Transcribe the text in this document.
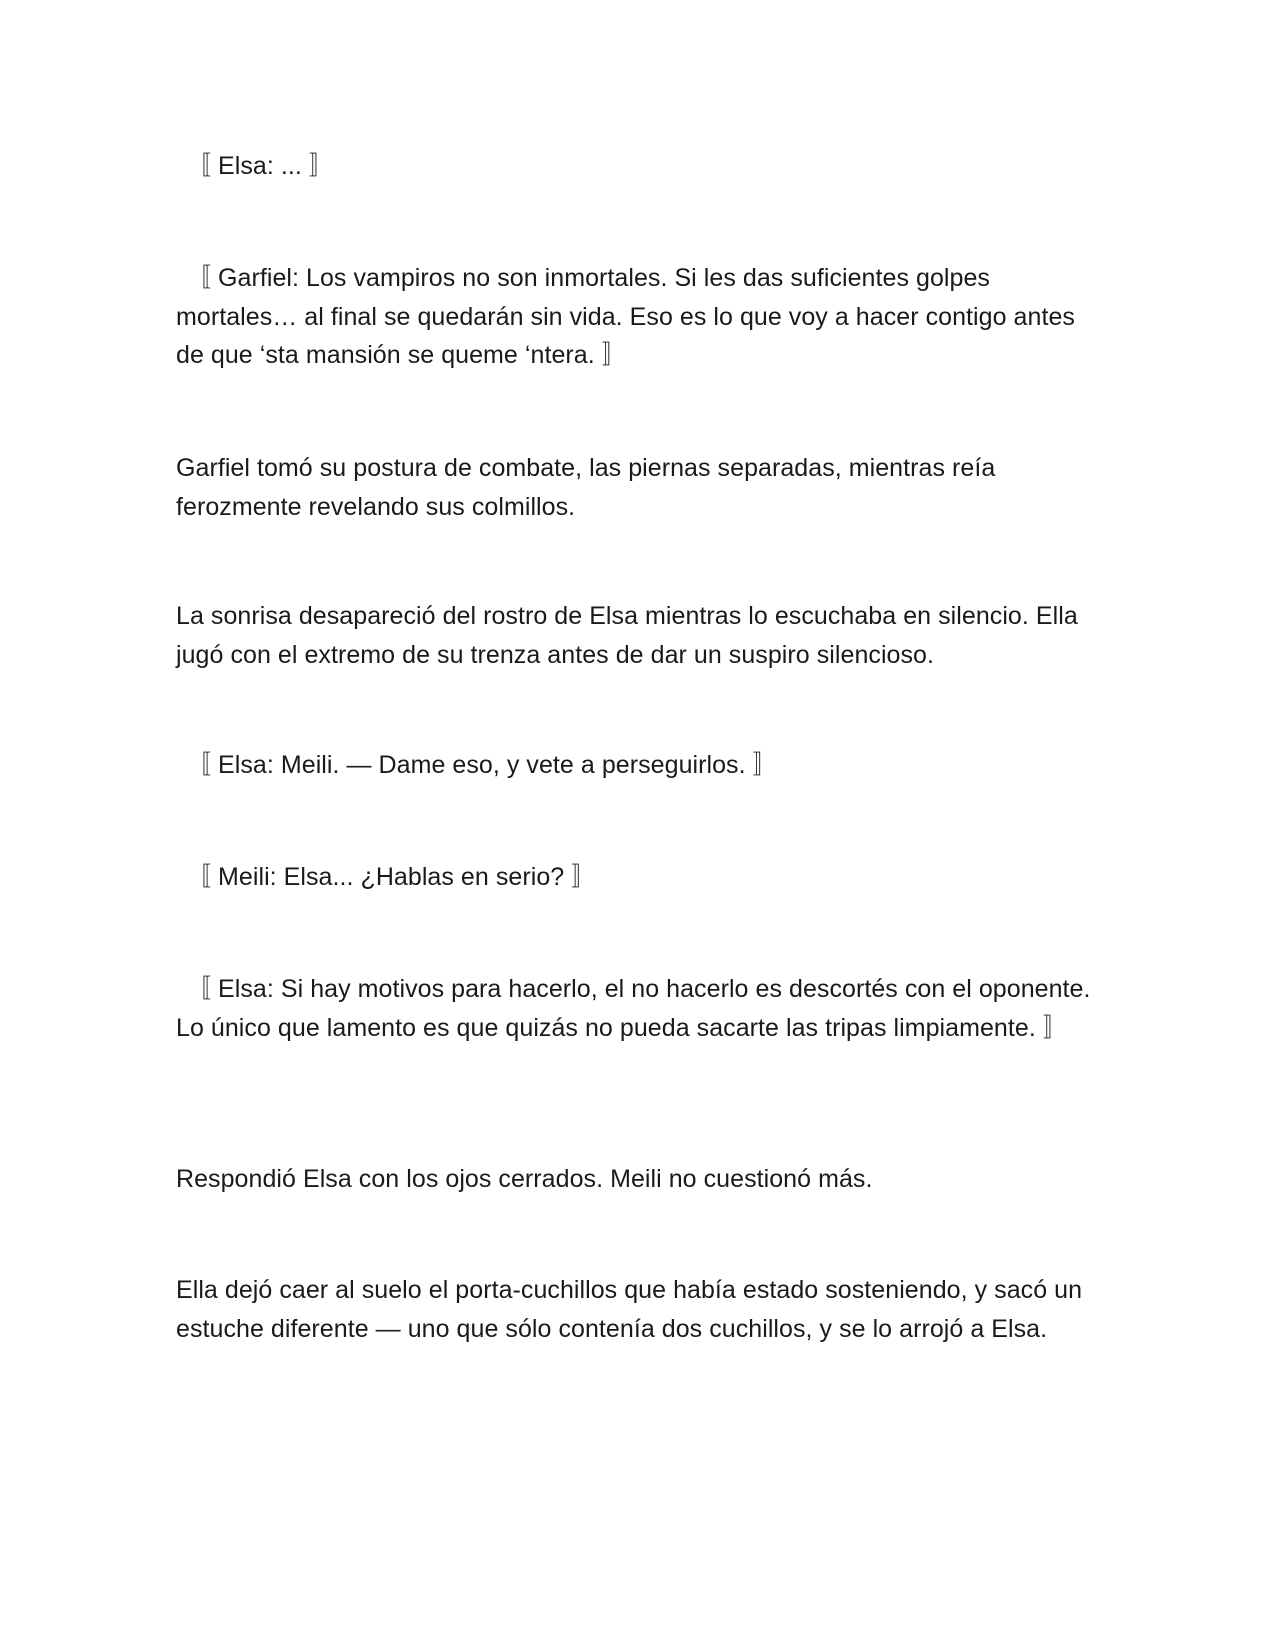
〚 Elsa: ... 〛

〚 Garfiel: Los vampiros no son inmortales. Si les das suficientes golpes mortales… al final se quedarán sin vida. Eso es lo que voy a hacer contigo antes de que ‘sta mansión se queme ‘ntera. 〛

Garfiel tomó su postura de combate, las piernas separadas, mientras reía ferozmente revelando sus colmillos.

La sonrisa desapareció del rostro de Elsa mientras lo escuchaba en silencio. Ella jugó con el extremo de su trenza antes de dar un suspiro silencioso.

〚 Elsa: Meili. — Dame eso, y vete a perseguirlos. 〛

〚 Meili: Elsa... ¿Hablas en serio? 〛

〚 Elsa: Si hay motivos para hacerlo, el no hacerlo es descortés con el oponente. Lo único que lamento es que quizás no pueda sacarte las tripas limpiamente. 〛

Respondió Elsa con los ojos cerrados. Meili no cuestionó más.

Ella dejó caer al suelo el porta-cuchillos que había estado sosteniendo, y sacó un estuche diferente — uno que sólo contenía dos cuchillos, y se lo arrojó a Elsa.
